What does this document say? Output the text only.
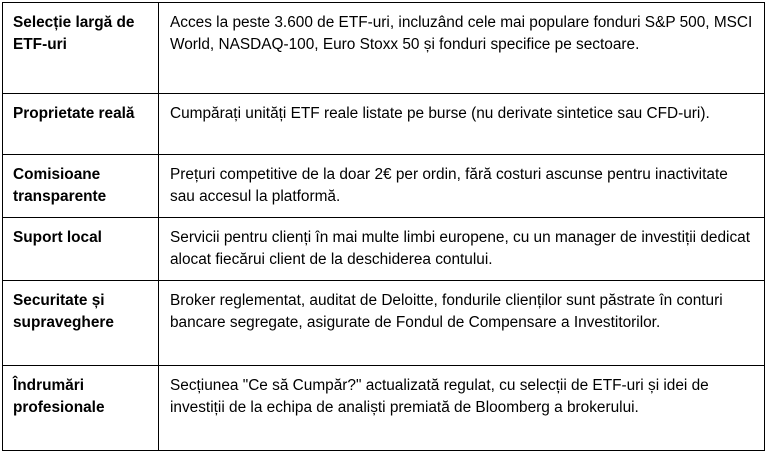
Selecție largă de ETF-uri	Acces la peste 3.600 de ETF-uri, incluzând cele mai populare fonduri S&P 500, MSCI World, NASDAQ-100, Euro Stoxx 50 și fonduri specifice pe sectoare.
Proprietate reală	Cumpărați unități ETF reale listate pe burse (nu derivate sintetice sau CFD-uri).
Comisioane transparente	Prețuri competitive de la doar 2€ per ordin, fără costuri ascunse pentru inactivitate sau accesul la platformă.
Suport local	Servicii pentru clienți în mai multe limbi europene, cu un manager de investiții dedicat alocat fiecărui client de la deschiderea contului.
Securitate și supraveghere	Broker reglementat, auditat de Deloitte, fondurile clienților sunt păstrate în conturi bancare segregate, asigurate de Fondul de Compensare a Investitorilor.
Îndrumări profesionale	Secțiunea "Ce să Cumpăr?" actualizată regulat, cu selecții de ETF-uri și idei de investiții de la echipa de analiști premiată de Bloomberg a brokerului.
